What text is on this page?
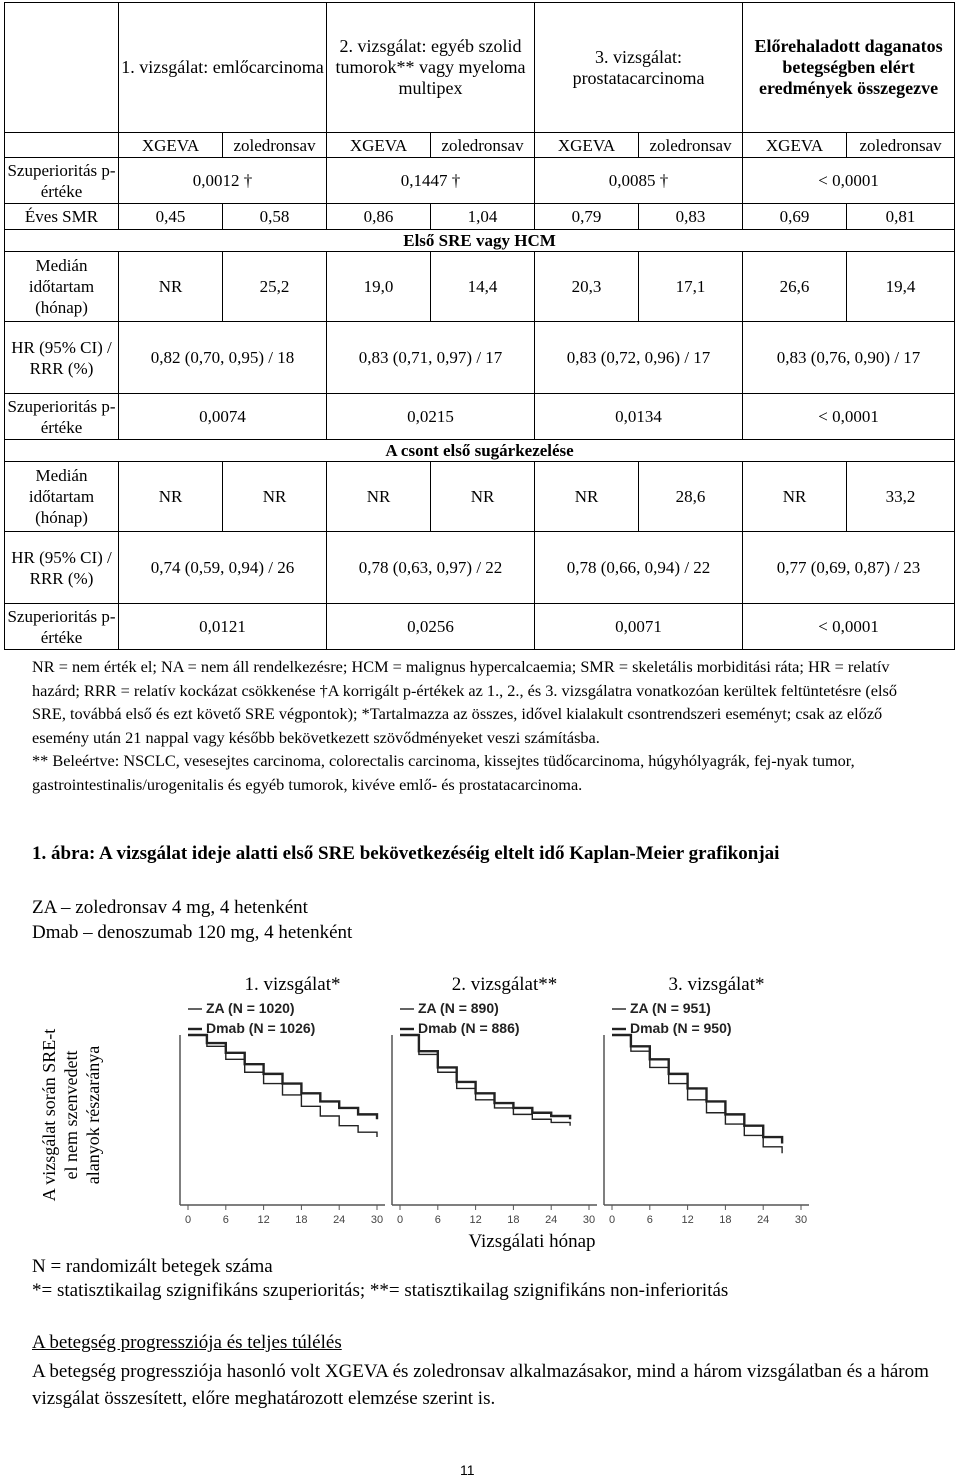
	1. vizsgálat: emlőcarcinoma		2. vizsgálat: egyéb szolid tumorok** vagy myeloma multipex		3. vizsgálat: prostatacarcinoma		Előrehaladott daganatos betegségben elért eredmények összegezve	
	XGEVA	zoledronsav	XGEVA	zoledronsav	XGEVA	zoledronsav	XGEVA	zoledronsav
Szuperioritás p-értéke	0,0012 †		0,1447 †		0,0085 †		< 0,0001	
Éves SMR	0,45	0,58	0,86	1,04	0,79	0,83	0,69	0,81
Első SRE vagy HCM								
Medián időtartam (hónap)	NR	25,2	19,0	14,4	20,3	17,1	26,6	19,4
HR (95% CI) / RRR (%)	0,82 (0,70, 0,95) / 18		0,83 (0,71, 0,97) / 17		0,83 (0,72, 0,96) / 17		0,83 (0,76, 0,90) / 17	
Szuperioritás p-értéke	0,0074		0,0215		0,0134		< 0,0001	
A csont első sugárkezelése								
Medián időtartam (hónap)	NR	NR	NR	NR	NR	28,6	NR	33,2
HR (95% CI) / RRR (%)	0,74 (0,59, 0,94) / 26		0,78 (0,63, 0,97) / 22		0,78 (0,66, 0,94) / 22		0,77 (0,69, 0,87) / 23	
Szuperioritás p-értéke	0,0121		0,0256		0,0071		< 0,0001	

NR = nem érték el; NA = nem áll rendelkezésre; HCM = malignus hypercalcaemia; SMR = skeletális morbiditási ráta; HR = relatív hazárd; RRR = relatív kockázat csökkenése †A korrigált p-értékek az 1., 2., és 3. vizsgálatra vonatkozóan kerültek feltüntetésre (első SRE, továbbá első és ezt követő SRE végpontok); *Tartalmazza az összes, idővel kialakult csontrendszeri eseményt; csak az előző esemény után 21 nappal vagy később bekövetkezett szövődményeket veszi számításba.

** Beleértve: NSCLC, vesesejtes carcinoma, colorectalis carcinoma, kissejtes tüdőcarcinoma, húgyhólyagrák, fej-nyak tumor, gastrointestinalis/urogenitalis és egyéb tumorok, kivéve emlő- és prostatacarcinoma.

1. ábra: A vizsgálat ideje alatti első SRE bekövetkezéséig eltelt idő Kaplan-Meier grafikonjai
ZA – zoledronsav 4 mg, 4 hetenként
Dmab – denoszumab 120 mg, 4 hetenként
A vizsgálat során SRE-t el nem szenvedett alanyok részaránya
1. vizsgálat*
0	6	12 18 24 30
ZA (N = 1020)
Dmab (N = 1026)
2. vizsgálat**
0	6	12 18 24 30
ZA (N = 890)
Dmab (N = 886)
3. vizsgálat*
0	6	12 18 24 30
ZA (N = 951)
Dmab (N = 950)
Vizsgálati hónap

N = randomizált betegek száma

*= statisztikailag szignifikáns szuperioritás; **= statisztikailag szignifikáns non-inferioritás

A betegség progressziója és teljes túlélés
A betegség progressziója hasonló volt XGEVA és zoledronsav alkalmazásakor, mind a három vizsgálatban és a három vizsgálat összesített, előre meghatározott elemzése szerint is.
11
